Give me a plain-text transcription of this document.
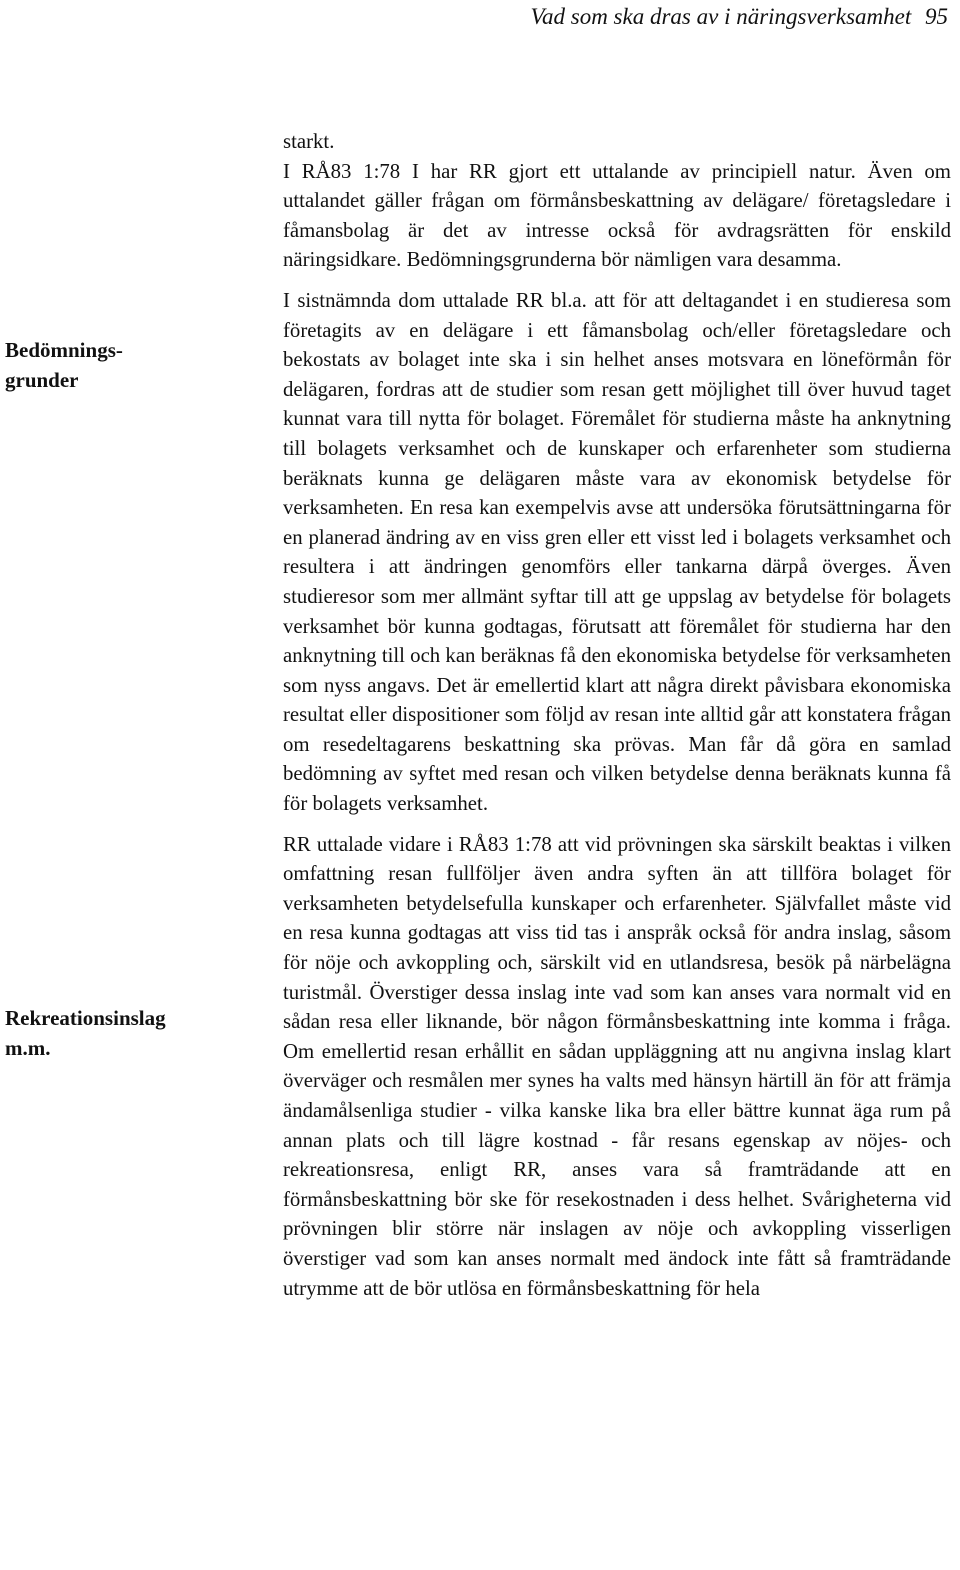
Vad som ska dras av i näringsverksamhet 95
Bedömnings-
grunder
Rekreationsinslag
m.m.

starkt.

I RÅ83 1:78 I har RR gjort ett uttalande av principiell natur. Även om uttalandet gäller frågan om förmånsbeskattning av delägare/ företagsledare i fåmansbolag är det av intresse också för avdragsrätten för enskild näringsidkare. Bedömningsgrunderna bör nämligen vara desamma.

I sistnämnda dom uttalade RR bl.a. att för att deltagandet i en studieresa som företagits av en delägare i ett fåmansbolag och/eller företagsledare och bekostats av bolaget inte ska i sin helhet anses motsvara en löneförmån för delägaren, fordras att de studier som resan gett möjlighet till över huvud taget kunnat vara till nytta för bolaget. Föremålet för studierna måste ha anknytning till bolagets verksamhet och de kunskaper och erfarenheter som studierna beräknats kunna ge delägaren måste vara av ekonomisk betydelse för verksamheten. En resa kan exempelvis avse att undersöka förutsättningarna för en planerad ändring av en viss gren eller ett visst led i bolagets verksamhet och resultera i att ändringen genomförs eller tankarna därpå överges. Även studieresor som mer allmänt syftar till att ge uppslag av betydelse för bolagets verksamhet bör kunna godtagas, förutsatt att föremålet för studierna har den anknytning till och kan beräknas få den ekonomiska betydelse för verksamheten som nyss angavs. Det är emellertid klart att några direkt påvisbara ekonomiska resultat eller dispositioner som följd av resan inte alltid går att konstatera frågan om resedeltagarens beskattning ska prövas. Man får då göra en samlad bedömning av syftet med resan och vilken betydelse denna beräknats kunna få för bolagets verksamhet.

RR uttalade vidare i RÅ83 1:78 att vid prövningen ska särskilt beaktas i vilken omfattning resan fullföljer även andra syften än att tillföra bolaget för verksamheten betydelsefulla kunskaper och erfarenheter. Självfallet måste vid en resa kunna godtagas att viss tid tas i anspråk också för andra inslag, såsom för nöje och avkoppling och, särskilt vid en utlandsresa, besök på närbelägna turistmål. Överstiger dessa inslag inte vad som kan anses vara normalt vid en sådan resa eller liknande, bör någon förmånsbeskattning inte komma i fråga. Om emellertid resan erhållit en sådan uppläggning att nu angivna inslag klart överväger och resmålen mer synes ha valts med hänsyn härtill än för att främja ändamålsenliga studier - vilka kanske lika bra eller bättre kunnat äga rum på annan plats och till lägre kostnad - får resans egenskap av nöjes- och rekreationsresa, enligt RR, anses vara så framträdande att en förmånsbeskattning bör ske för resekostnaden i dess helhet. Svårigheterna vid prövningen blir större när inslagen av nöje och avkoppling visserligen överstiger vad som kan anses normalt med ändock inte fått så framträdande utrymme att de bör utlösa en förmånsbeskattning för hela
